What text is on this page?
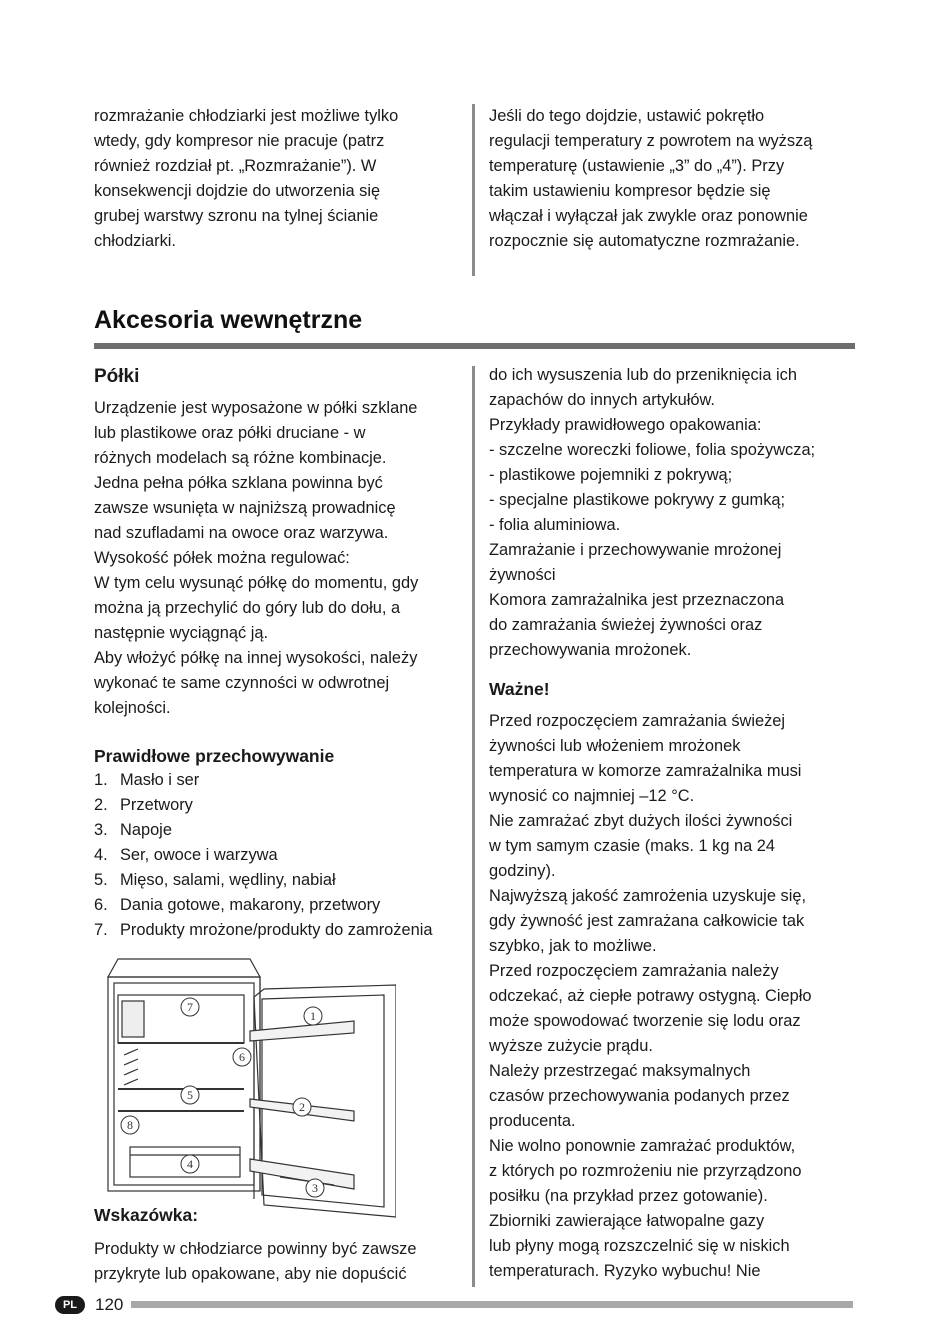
rozmrażanie chłodziarki jest możliwe tylko
wtedy, gdy kompresor nie pracuje (patrz
również rozdział pt. „Rozmrażanie”). W
konsekwencji dojdzie do utworzenia się
grubej warstwy szronu na tylnej ścianie
chłodziarki.
Jeśli do tego dojdzie, ustawić pokrętło
regulacji temperatury z powrotem na wyższą
temperaturę (ustawienie „3” do „4”). Przy
takim ustawieniu kompresor będzie się
włączał i wyłączał jak zwykle oraz ponownie
rozpocznie się automatyczne rozmrażanie.
Akcesoria wewnętrzne
Półki
Urządzenie jest wyposażone w półki szklane
lub plastikowe oraz półki druciane - w
różnych modelach są różne kombinacje.
Jedna pełna półka szklana powinna być
zawsze wsunięta w najniższą prowadnicę
nad szufladami na owoce oraz warzywa.
Wysokość półek można regulować:
W tym celu wysunąć półkę do momentu, gdy
można ją przechylić do góry lub do dołu, a
następnie wyciągnąć ją.
Aby włożyć półkę na innej wysokości, należy
wykonać te same czynności w odwrotnej
kolejności.
Prawidłowe przechowywanie
1. Masło i ser
2. Przetwory
3. Napoje
4. Ser, owoce i warzywa
5. Mięso, salami, wędliny, nabiał
6. Dania gotowe, makarony, przetwory
7. Produkty mrożone/produkty do zamrożenia
7
1
6
5
2
8
4
3
Wskazówka:
Produkty w chłodziarce powinny być zawsze
przykryte lub opakowane, aby nie dopuścić
do ich wysuszenia lub do przeniknięcia ich
zapachów do innych artykułów.
Przykłady prawidłowego opakowania:
- szczelne woreczki foliowe, folia spożywcza;
- plastikowe pojemniki z pokrywą;
- specjalne plastikowe pokrywy z gumką;
- folia aluminiowa.
Zamrażanie i przechowywanie mrożonej
żywności
Komora zamrażalnika jest przeznaczona
do zamrażania świeżej żywności oraz
przechowywania mrożonek.
Ważne!
Przed rozpoczęciem zamrażania świeżej
żywności lub włożeniem mrożonek
temperatura w komorze zamrażalnika musi
wynosić co najmniej –12 °C.
Nie zamrażać zbyt dużych ilości żywności
w tym samym czasie (maks. 1 kg na 24
godziny).
Najwyższą jakość zamrożenia uzyskuje się,
gdy żywność jest zamrażana całkowicie tak
szybko, jak to możliwe.
Przed rozpoczęciem zamrażania należy
odczekać, aż ciepłe potrawy ostygną. Ciepło
może spowodować tworzenie się lodu oraz
wyższe zużycie prądu.
Należy przestrzegać maksymalnych
czasów przechowywania podanych przez
producenta.
Nie wolno ponownie zamrażać produktów,
z których po rozmrożeniu nie przyrządzono
posiłku (na przykład przez gotowanie).
Zbiorniki zawierające łatwopalne gazy
lub płyny mogą rozszczelnić się w niskich
temperaturach. Ryzyko wybuchu! Nie
PL	120
